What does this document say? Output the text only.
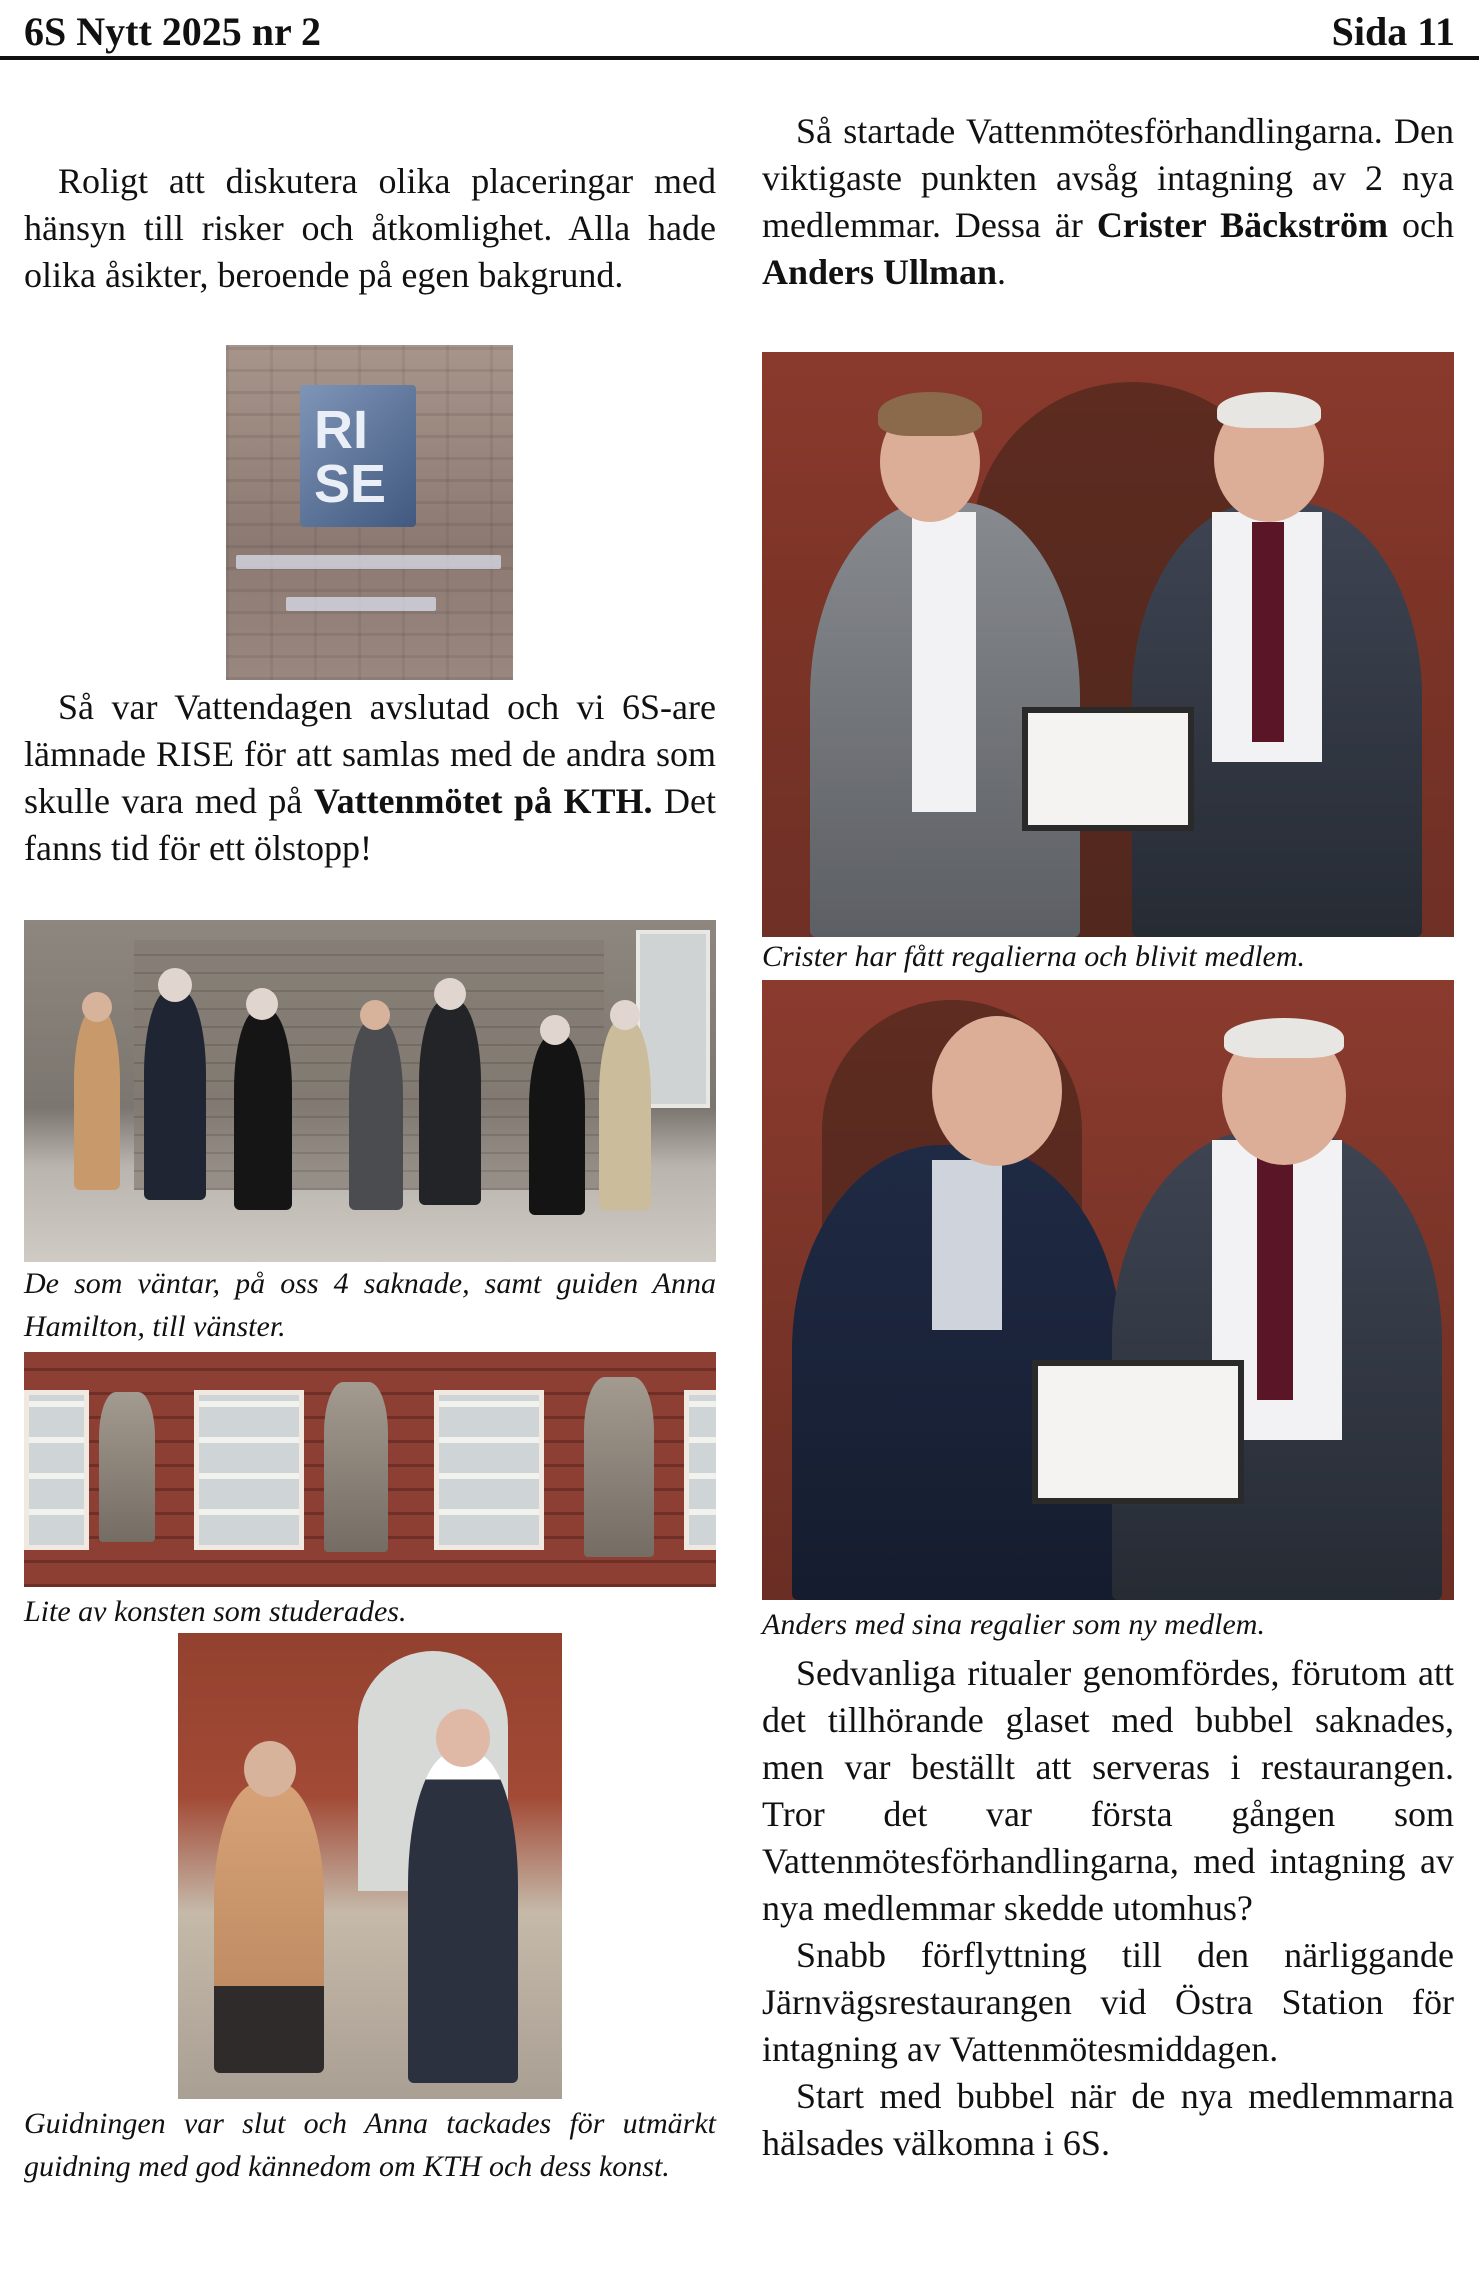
6S Nytt 2025 nr 2	Sida 11

Roligt att diskutera olika placeringar med hänsyn till risker och åtkomlighet. Alla hade olika åsikter, beroende på egen bakgrund.

RI
SE

Så var Vattendagen avslutad och vi 6S-are lämnade RISE för att samlas med de andra som skulle vara med på Vattenmötet på KTH. Det fanns tid för ett ölstopp!

De som väntar, på oss 4 saknade, samt guiden Anna Hamilton, till vänster.

Lite av konsten som studerades.

Guidningen var slut och Anna tackades för utmärkt guidning med god kännedom om KTH och dess konst.

Så startade Vattenmötesförhandlingarna. Den viktigaste punkten avsåg intagning av 2 nya medlemmar. Dessa är Crister Bäckström och Anders Ullman.

Crister har fått regalierna och blivit medlem.

Anders med sina regalier som ny medlem.

Sedvanliga ritualer genomfördes, förutom att det tillhörande glaset med bubbel saknades, men var beställt att serveras i restaurangen. Tror det var första gången som Vattenmötesförhandlingarna, med intagning av nya medlemmar skedde utomhus?

Snabb förflyttning till den närliggande Järnvägsrestaurangen vid Östra Station för intagning av Vattenmötesmiddagen.

Start med bubbel när de nya medlemmarna hälsades välkomna i 6S.
